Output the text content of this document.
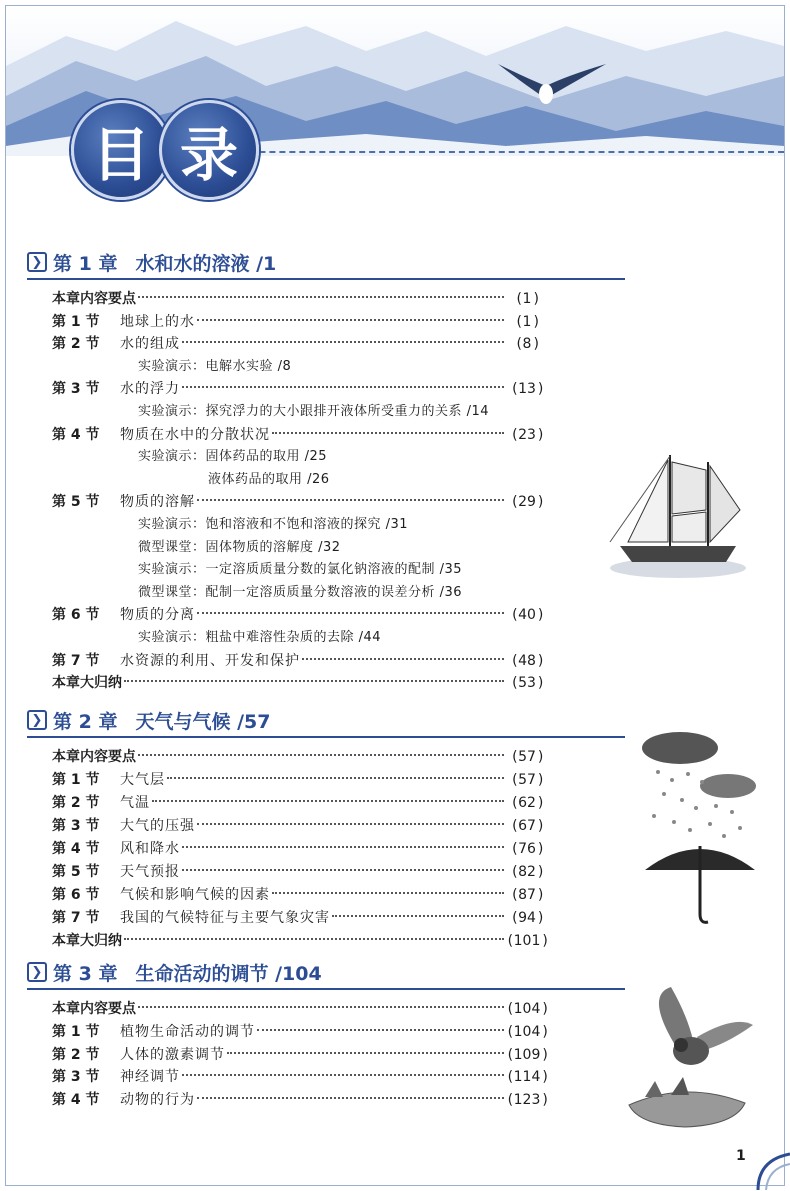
目 录
❯ 第 1 章 水和水的溶液 /1
本章内容要点	( 1 )
第 1 节	地球上的水	( 1 )
第 2 节	水的组成	( 8 )
实验演示：电解水实验 /8
第 3 节	水的浮力	( 13 )
实验演示：探究浮力的大小跟排开液体所受重力的关系 /14
第 4 节	物质在水中的分散状况	( 23 )
实验演示：固体药品的取用 /25
液体药品的取用 /26
第 5 节	物质的溶解	( 29 )
实验演示：饱和溶液和不饱和溶液的探究 /31
微型课堂：固体物质的溶解度 /32
实验演示：一定溶质质量分数的氯化钠溶液的配制 /35
微型课堂：配制一定溶质质量分数溶液的误差分析 /36
第 6 节	物质的分离	( 40 )
实验演示：粗盐中难溶性杂质的去除 /44
第 7 节	水资源的利用、开发和保护	( 48 )
本章大归纳	( 53 )
❯ 第 2 章 天气与气候 /57
本章内容要点	( 57 )
第 1 节	大气层	( 57 )
第 2 节	气温	( 62 )
第 3 节	大气的压强	( 67 )
第 4 节	风和降水	( 76 )
第 5 节	天气预报	( 82 )
第 6 节	气候和影响气候的因素	( 87 )
第 7 节	我国的气候特征与主要气象灾害	( 94 )
本章大归纳	( 101 )
❯ 第 3 章 生命活动的调节 /104
本章内容要点	( 104 )
第 1 节	植物生命活动的调节	( 104 )
第 2 节	人体的激素调节	( 109 )
第 3 节	神经调节	( 114 )
第 4 节	动物的行为	( 123 )
1
